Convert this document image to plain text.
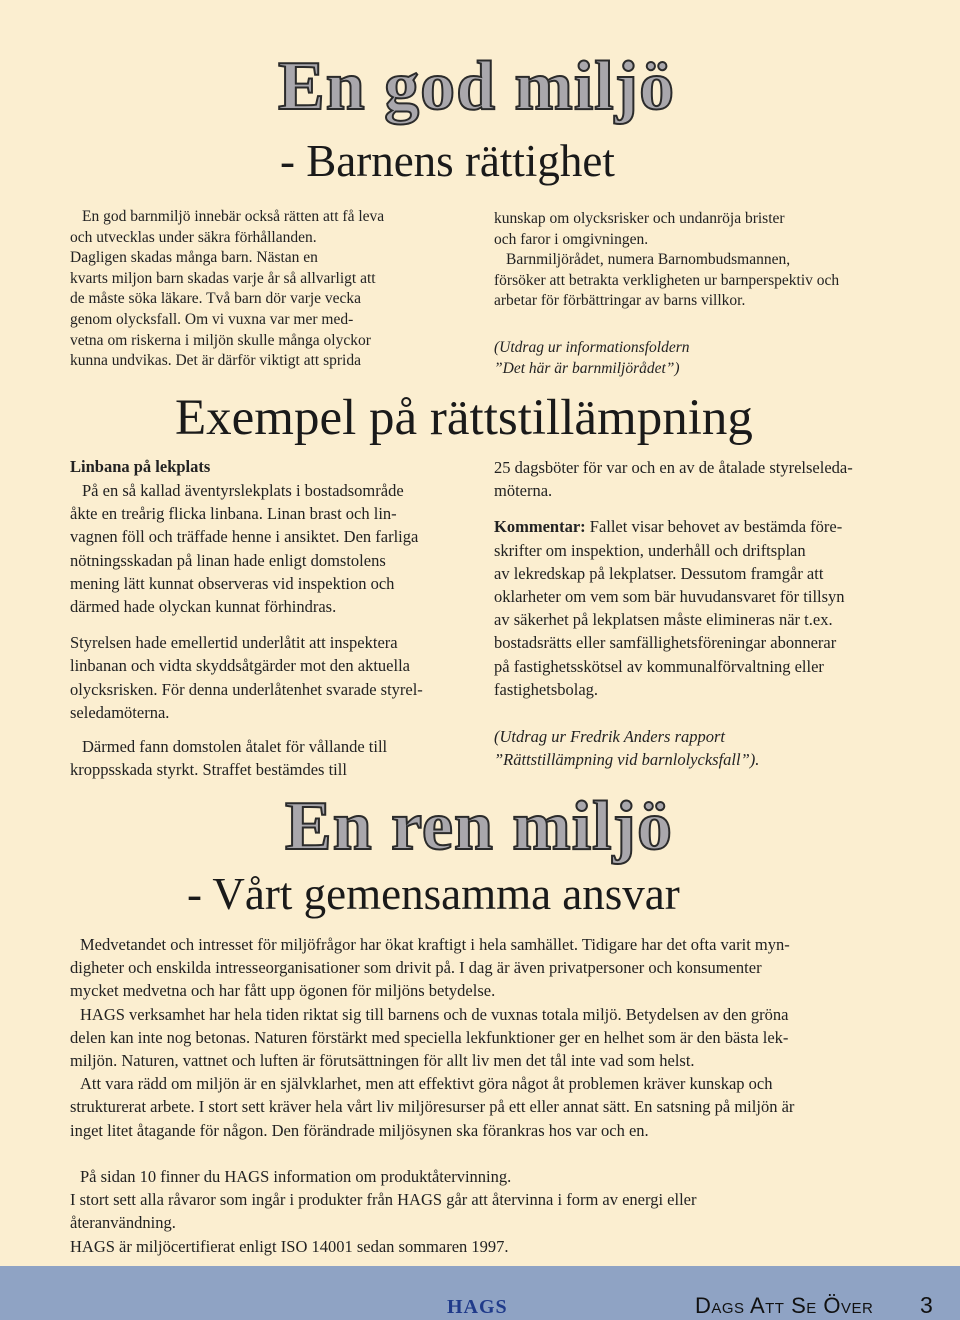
En god miljö
- Barnens rättighet
En god barnmiljö innebär också rätten att få leva
och utvecklas under säkra förhållanden.
Dagligen skadas många barn. Nästan en
kvarts miljon barn skadas varje år så allvarligt att
de måste söka läkare. Två barn dör varje vecka
genom olycksfall. Om vi vuxna var mer med-
vetna om riskerna i miljön skulle många olyckor
kunna undvikas. Det är därför viktigt att sprida
kunskap om olycksrisker och undanröja brister
och faror i omgivningen.
Barnmiljörådet, numera Barnombudsmannen,
försöker att betrakta verkligheten ur barnperspektiv och
arbetar för förbättringar av barns villkor.
(Utdrag ur informationsfoldern
”Det här är barnmiljörådet”)
Exempel på rättstillämpning
Linbana på lekplats
På en så kallad äventyrslekplats i bostadsområde
åkte en treårig flicka linbana. Linan brast och lin-
vagnen föll och träffade henne i ansiktet. Den farliga
nötningsskadan på linan hade enligt domstolens
mening lätt kunnat observeras vid inspektion och
därmed hade olyckan kunnat förhindras.
Styrelsen hade emellertid underlåtit att inspektera
linbanan och vidta skyddsåtgärder mot den aktuella
olycksrisken. För denna underlåtenhet svarade styrel-
seledamöterna.
Därmed fann domstolen åtalet för vållande till
kroppsskada styrkt. Straffet bestämdes till
25 dagsböter för var och en av de åtalade styrelseleda-
möterna.
Kommentar: Fallet visar behovet av bestämda före-
skrifter om inspektion, underhåll och driftsplan
av lekredskap på lekplatser. Dessutom framgår att
oklarheter om vem som bär huvudansvaret för tillsyn
av säkerhet på lekplatsen måste elimineras när t.ex.
bostadsrätts eller samfällighetsföreningar abonnerar
på fastighetsskötsel av kommunalförvaltning eller
fastighetsbolag.
(Utdrag ur Fredrik Anders rapport
”Rättstillämpning vid barnlolycksfall”).
En ren miljö
- Vårt gemensamma ansvar
Medvetandet och intresset för miljöfrågor har ökat kraftigt i hela samhället. Tidigare har det ofta varit myn-
digheter och enskilda intresseorganisationer som drivit på. I dag är även privatpersoner och konsumenter
mycket medvetna och har fått upp ögonen för miljöns betydelse.
HAGS verksamhet har hela tiden riktat sig till barnens och de vuxnas totala miljö. Betydelsen av den gröna
delen kan inte nog betonas. Naturen förstärkt med speciella lekfunktioner ger en helhet som är den bästa lek-
miljön. Naturen, vattnet och luften är förutsättningen för allt liv men det tål inte vad som helst.
Att vara rädd om miljön är en självklarhet, men att effektivt göra något åt problemen kräver kunskap och
strukturerat arbete. I stort sett kräver hela vårt liv miljöresurser på ett eller annat sätt. En satsning på miljön är
inget litet åtagande för någon. Den förändrade miljösynen ska förankras hos var och en.
På sidan 10 finner du HAGS information om produktåtervinning.
I stort sett alla råvaror som ingår i produkter från HAGS går att återvinna i form av energi eller
återanvändning.
HAGS är miljöcertifierat enligt ISO 14001 sedan sommaren 1997.
HAGS	Dags Att Se Över 3
